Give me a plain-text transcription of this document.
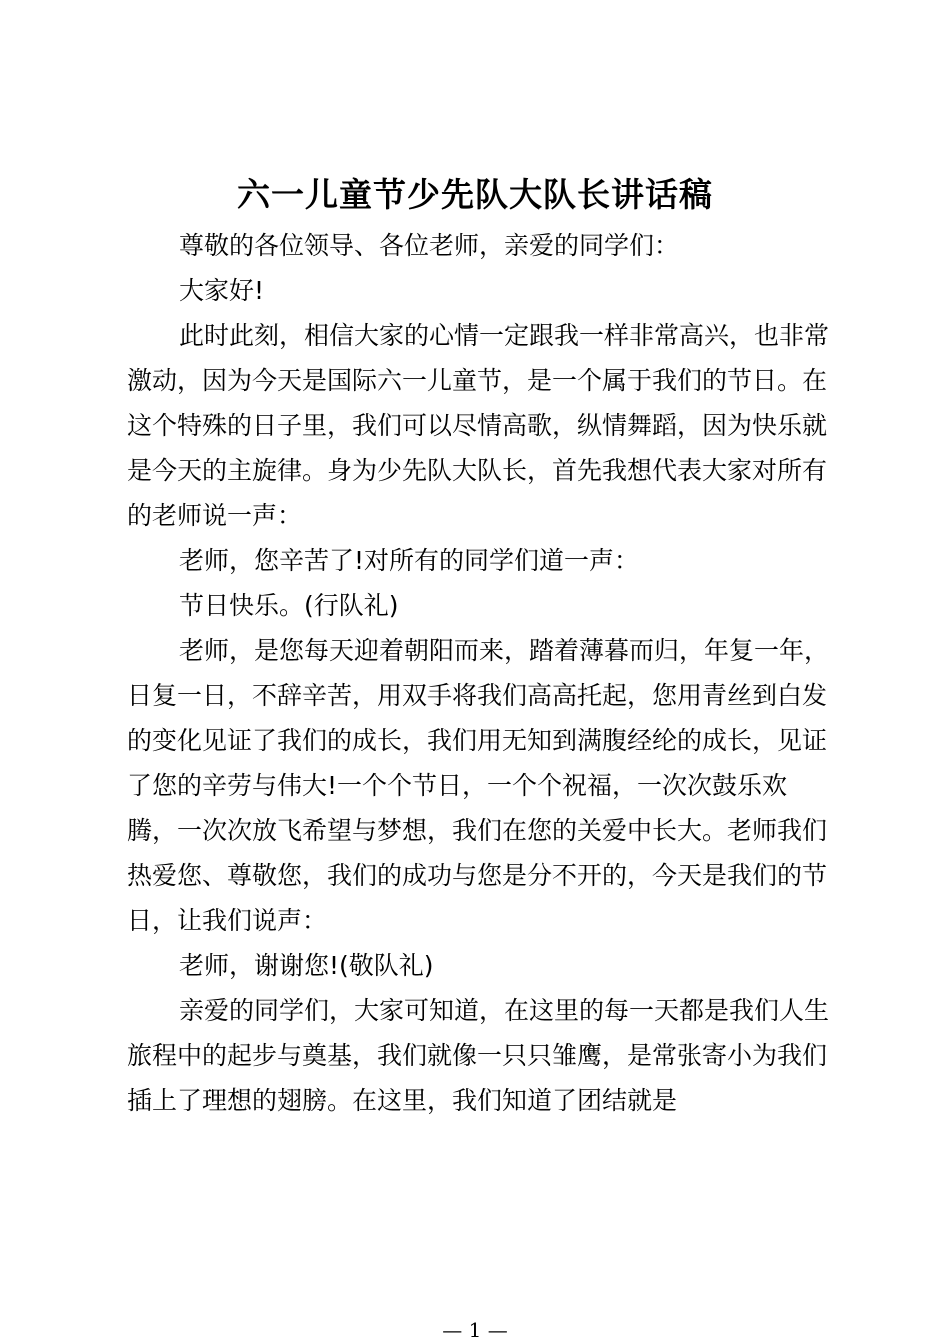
六一儿童节少先队大队长讲话稿

尊敬的各位领导、各位老师，亲爱的同学们：

大家好!

此时此刻，相信大家的心情一定跟我一样非常高兴，也非常激动，因为今天是国际六一儿童节，是一个属于我们的节日。在这个特殊的日子里，我们可以尽情高歌，纵情舞蹈，因为快乐就是今天的主旋律。身为少先队大队长，首先我想代表大家对所有的老师说一声：

老师，您辛苦了!对所有的同学们道一声：

节日快乐。(行队礼)

老师，是您每天迎着朝阳而来，踏着薄暮而归，年复一年，日复一日，不辞辛苦，用双手将我们高高托起，您用青丝到白发的变化见证了我们的成长，我们用无知到满腹经纶的成长，见证了您的辛劳与伟大!一个个节日，一个个祝福，一次次鼓乐欢腾，一次次放飞希望与梦想，我们在您的关爱中长大。老师我们热爱您、尊敬您，我们的成功与您是分不开的，今天是我们的节日，让我们说声：

老师，谢谢您!(敬队礼)

亲爱的同学们，大家可知道，在这里的每一天都是我们人生旅程中的起步与奠基，我们就像一只只雏鹰，是常张寄小为我们插上了理想的翅膀。在这里，我们知道了团结就是

— 1 —
